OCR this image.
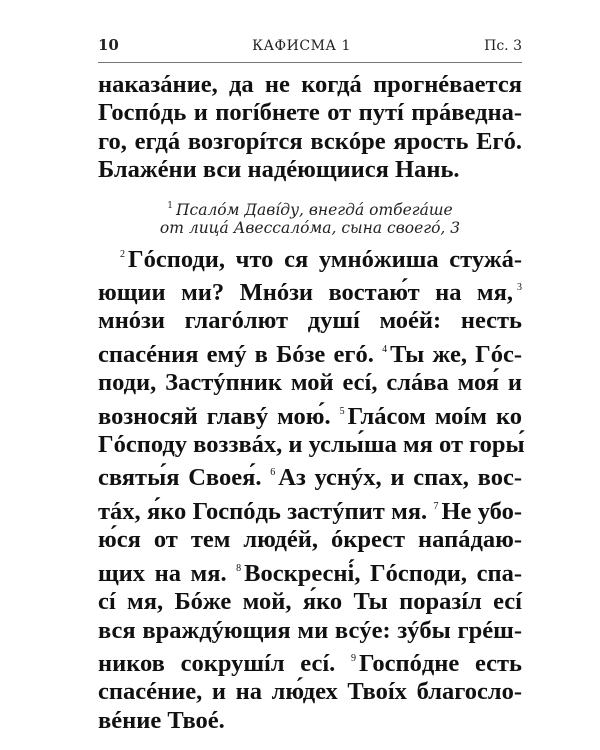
10	КАФИСМА 1	Пс. 3
наказáние, да не когдá прогнéвается
Госпóдь и погíбнете от путí прáведна-
го, егдá возгорíтся вскóре ярость Егó.
Блажéни вси надéющиися Нань.
$^1$ Псалóм Давíду, внегдá отбегáше
от лицá Авессалóма, сына своегó, 3
$^2$ Гóсподи, что ся умнóжиша стужá-
ющии ми? Мнóзи востаю́т на мя, $^3$
мнóзи глагóлют душí моéй: несть
спасéния емý в Бóзе егó. $^4$ Ты же, Гóс-
поди, Застýпник мой есí, слáва моя́ и
возносяй главý мою́. $^5$ Глáсом моíм ко
Гóсподу воззвáх, и услы́ша мя от горы́
святы́я Своея́. $^6$ Аз уснýх, и спах, вос-
тáх, я́ко Госпóдь застýпит мя. $^7$ Не убо-
ю́ся от тем людéй, óкрест напáдаю-
щих на мя. $^8$ Воскресні́, Гóсподи, спа-
сí мя, Бóже мой, я́ко Ты поразíл есí
вся враждýющия ми всýе: зýбы грéш-
ников сокрушíл есí. $^9$ Госпóдне есть
спасéние, и на лю́дех Твоíх благосло-
вéние Твоé.
